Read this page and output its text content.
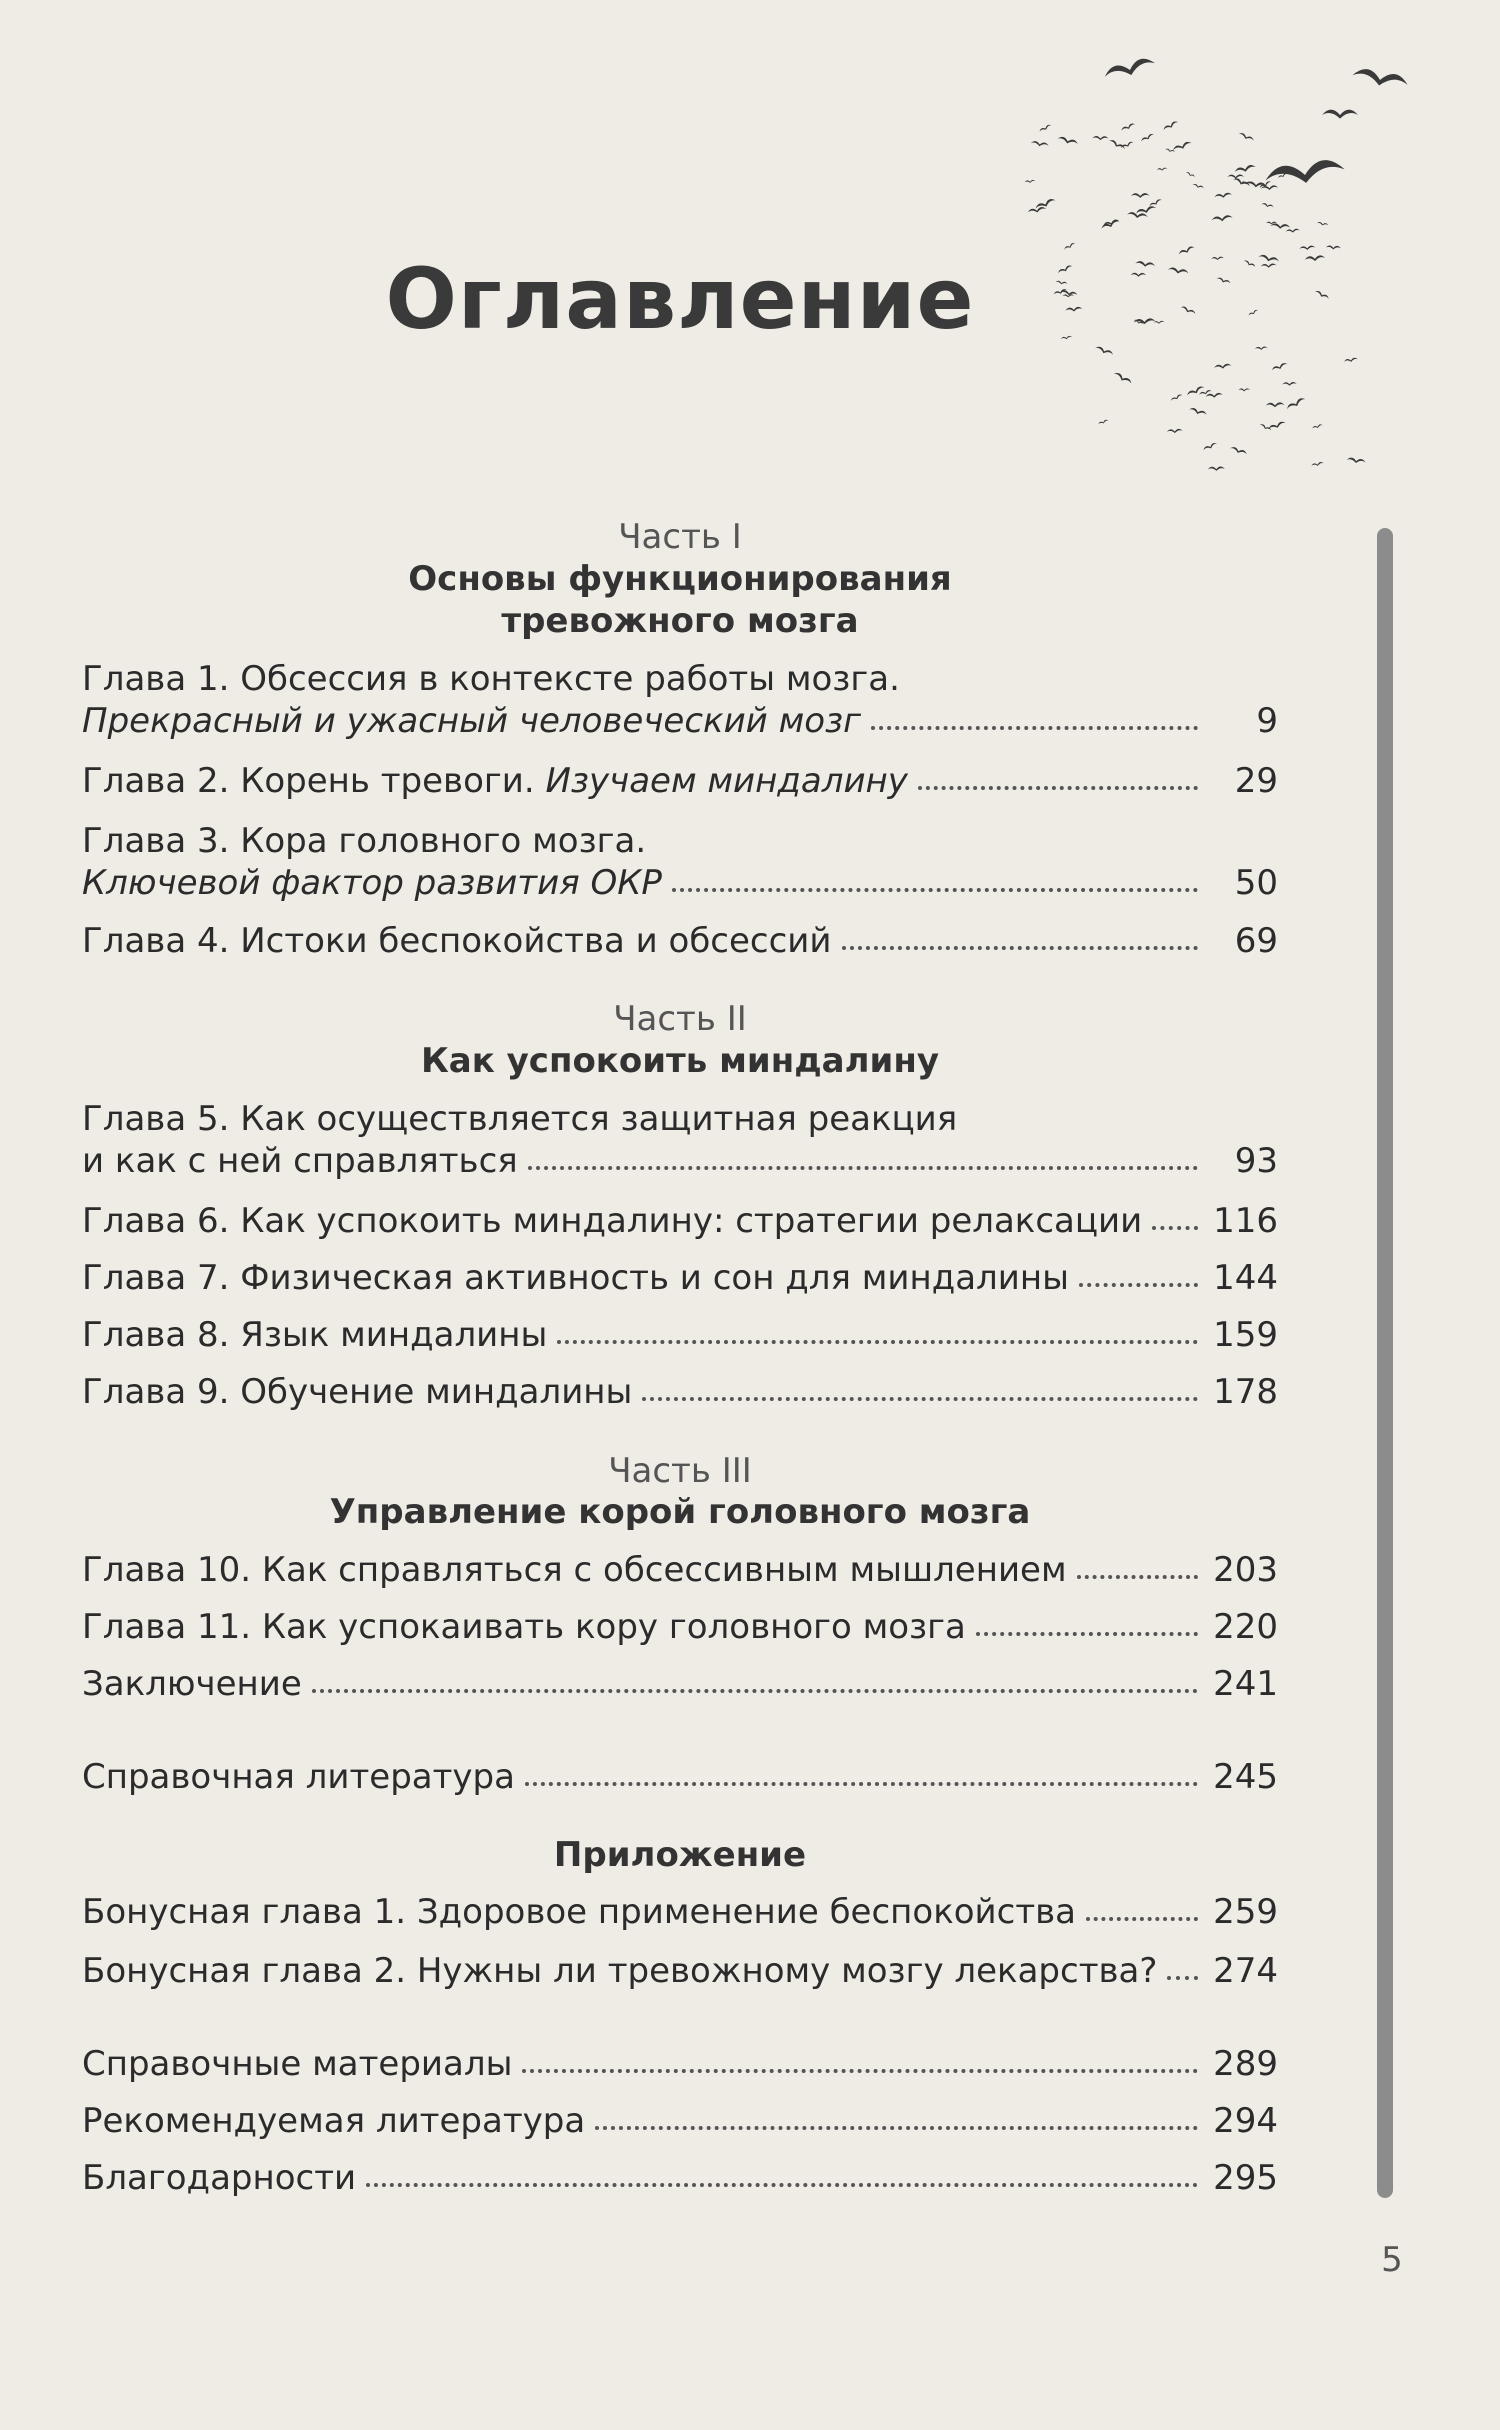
Оглавление
5
Часть I
Основы функционирования
тревожного мозга
Глава 1. Обсессия в контексте работы мозга.
Прекрасный и ужасный человеческий мозг	9
Глава 2. Корень тревоги. Изучаем миндалину	29
Глава 3. Кора головного мозга.
Ключевой фактор развития ОКР	50
Глава 4. Истоки беспокойства и обсессий	69
Часть II
Как успокоить миндалину
Глава 5. Как осуществляется защитная реакция
и как с ней справляться	93
Глава 6. Как успокоить миндалину: стратегии релаксации 116
Глава 7. Физическая активность и сон для миндалины	144
Глава 8. Язык миндалины	159
Глава 9. Обучение миндалины	178
Часть III
Управление корой головного мозга
Глава 10. Как справляться с обсессивным мышлением	203
Глава 11. Как успокаивать кору головного мозга	220
Заключение	241
Справочная литература	245
Приложение
Бонусная глава 1. Здоровое применение беспокойства	259
Бонусная глава 2. Нужны ли тревожному мозгу лекарства? 274
Справочные материалы	289
Рекомендуемая литература	294
Благодарности	295
